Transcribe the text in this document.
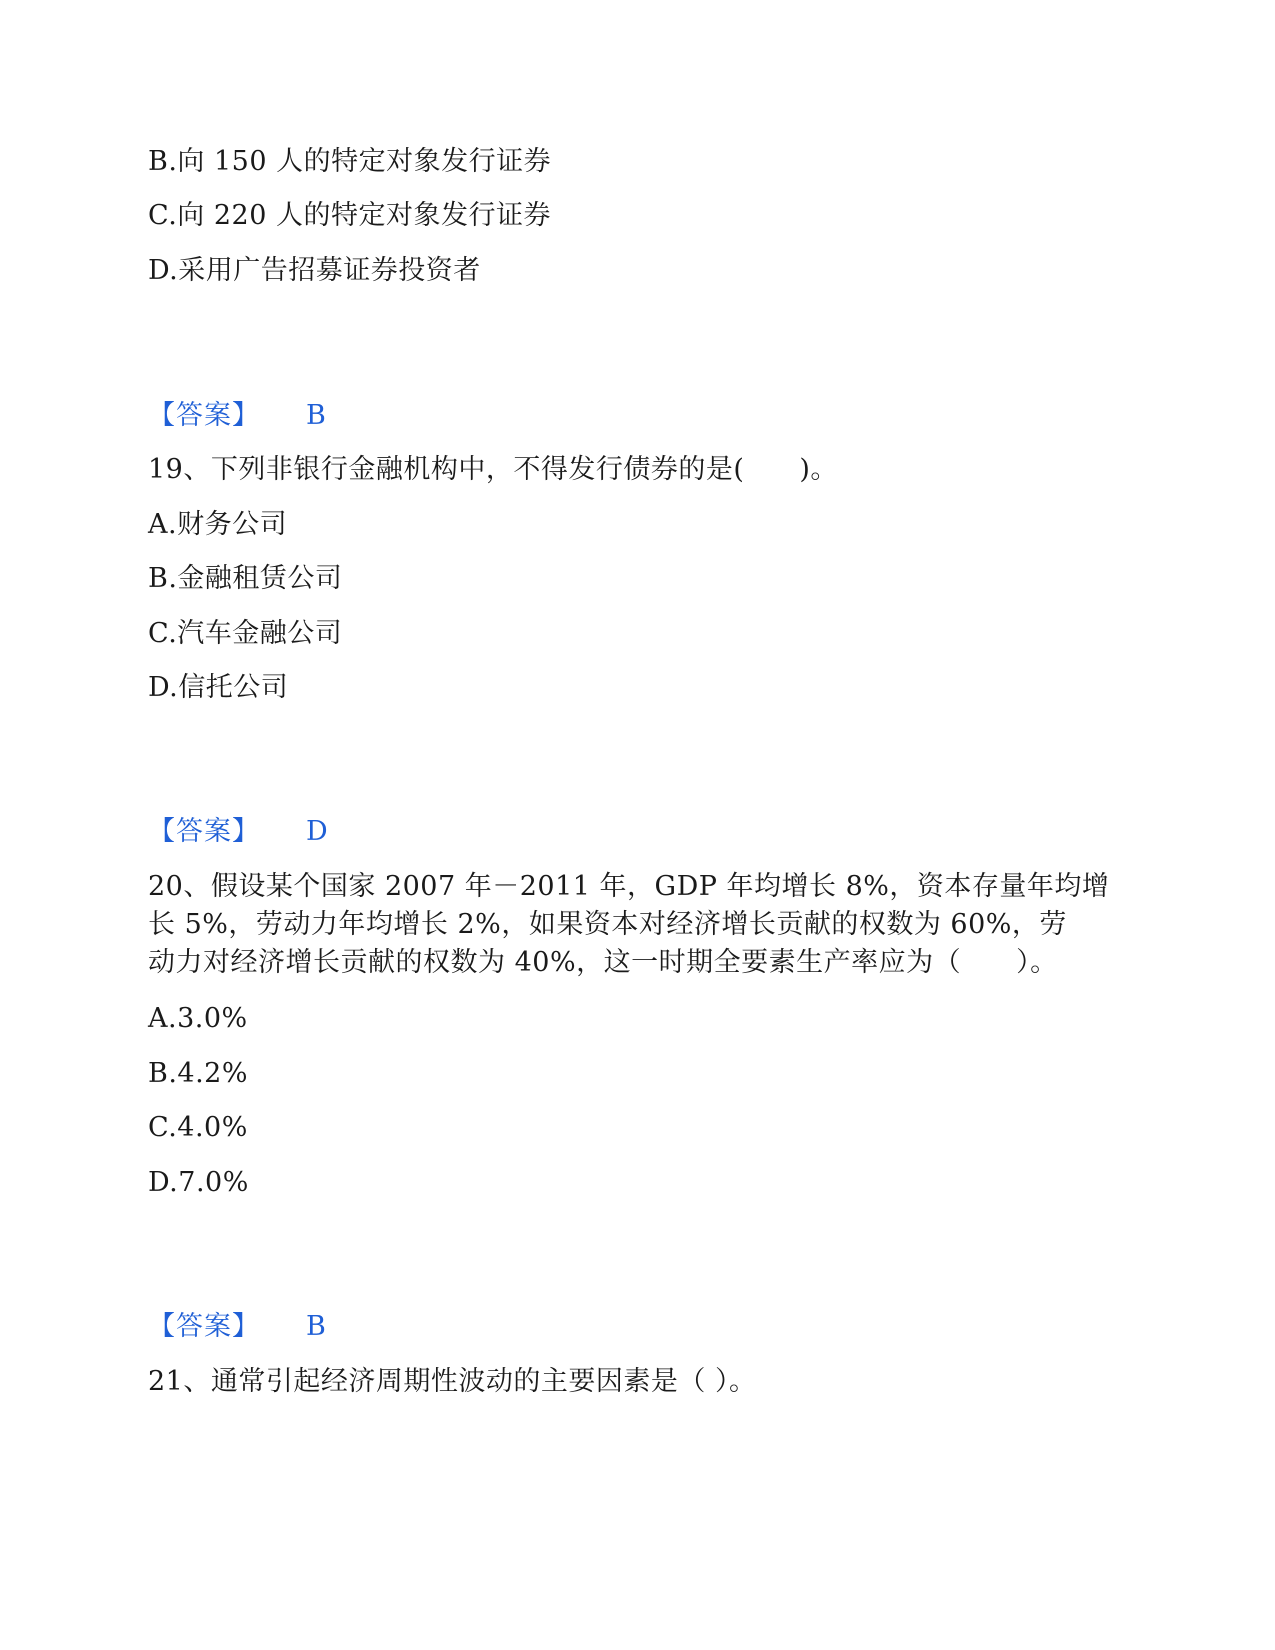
B.向 150 人的特定对象发行证券
C.向 220 人的特定对象发行证券
D.采用广告招募证券投资者
【答案】 B
19、下列非银行金融机构中，不得发行债券的是(　　)。
A.财务公司
B.金融租赁公司
C.汽车金融公司
D.信托公司
【答案】 D
20、假设某个国家 2007 年－2011 年，GDP 年均增长 8%，资本存量年均增
长 5%，劳动力年均增长 2%，如果资本对经济增长贡献的权数为 60%，劳
动力对经济增长贡献的权数为 40%，这一时期全要素生产率应为（　　）。
A.3.0%
B.4.2%
C.4.0%
D.7.0%
【答案】 B
21、通常引起经济周期性波动的主要因素是（ ）。
